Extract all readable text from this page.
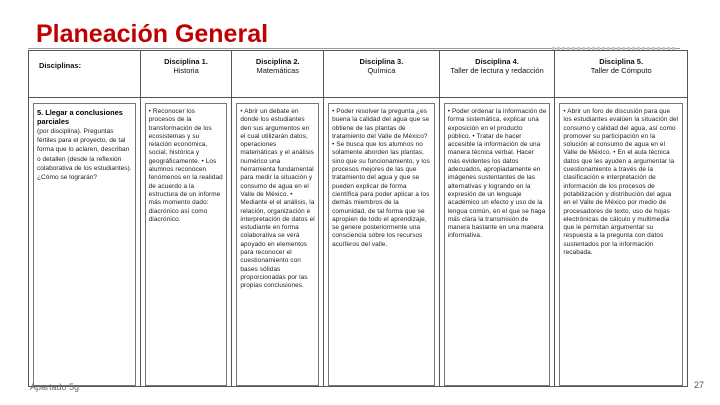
Planeación General
Disciplinas:	Disciplina 1.
Historia
Disciplina 2.
Matemáticas
Disciplina 3.
Química
Disciplina 4.
Taller de lectura y redacción
Disciplina 5.
Taller de Cómputo
5. Llegar a conclusiones parciales
(por disciplina). Preguntas fértiles para el proyecto, de tal forma que lo aclaren, describan o detallen (desde la reflexión colaborativa de los estudiantes). ¿Cómo se lograrán?
• Reconocer los procesos de la transformación de los ecosistemas y su relación económica, social, histórica y geográficamente. • Los alumnos reconocen fenómenos en la realidad de acuerdo a la estructura de un informe más momento dado: diacrónico así como diacrónico.
• Abrir un debate en donde los estudiantes den sus argumentos en el cual utilizarán datos, operaciones matemáticas y el análisis numérico una herramienta fundamental para medir la situación y consumo de agua en el Valle de México. • Mediante el el análisis, la relación, organización e interpretación de datos el estudiante en forma colaborativa se verá apoyado en elementos para reconocer el cuestionamiento con bases sólidas proporcionadas por las propias conclusiones.
• Poder resolver la pregunta ¿es buena la calidad del agua que se obtiene de las plantas de tratamiento del Valle de México? • Se busca que los alumnos no solamente aborden las plantas, sino que su funcionamiento, y los procesos mejores de las que tratamiento del agua y que se pueden explicar de forma científica para poder aplicar a los demás miembros de la comunidad, de tal forma que se apropien de todo el aprendizaje, se genere posteriormente una consciencia sobre los recursos acuíferos del valle.
• Poder ordenar la información de forma sistemática, explicar una exposición en el producto público. • Tratar de hacer accesible la información de una manera técnica verbal. Hacer más evidentes los datos adecuados, apropiadamente en imágenes sustentantes de las alternativas y logrando en la expresión de un lenguaje académico un efecto y uso de la lengua común, en el que se haga más clara la transmisión de manera bastante en una manera informativa.
• Abrir un foro de discusión para que los estudiantes evalúen la situación del consumo y calidad del agua, así como promover su participación en la solución al consumo de agua en el Valle de México. • En el aula técnica datos que les ayuden a argumentar la cuestionamiento a través de la clasificación e interpretación de información de los procesos de potabilización y distribución del agua en el Valle de México por medio de procesadores de texto, uso de hojas electrónicas de cálculo y multimedia que le permitan argumentar su respuesta a la pregunta con datos sustentados por la información recabada.
Apartado 5g	27
